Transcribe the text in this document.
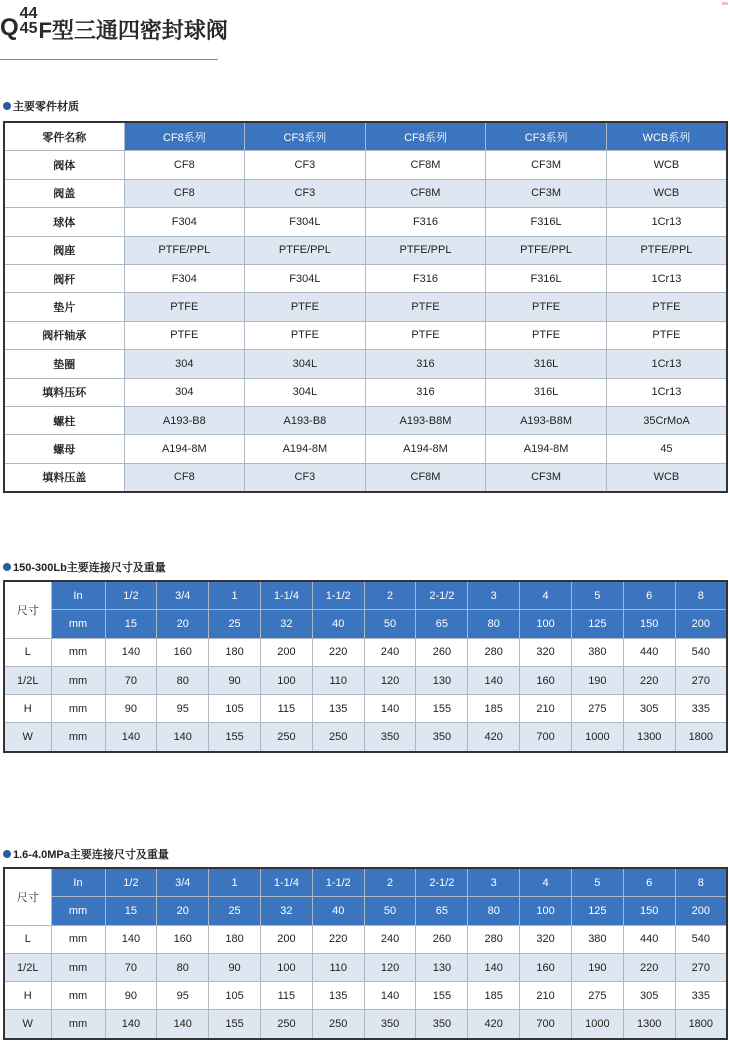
Q
44
45 F型三通四密封球阀
主要零件材质
零件名称	CF8系列	CF3系列	CF8系列	CF3系列	WCB系列
阀体	CF8	CF3	CF8M	CF3M	WCB
阀盖	CF8	CF3	CF8M	CF3M	WCB
球体	F304	F304L	F316	F316L	1Cr13
阀座	PTFE/PPL	PTFE/PPL	PTFE/PPL	PTFE/PPL	PTFE/PPL
阀杆	F304	F304L	F316	F316L	1Cr13
垫片	PTFE	PTFE	PTFE	PTFE	PTFE
阀杆轴承	PTFE	PTFE	PTFE	PTFE	PTFE
垫圈	304	304L	316	316L	1Cr13
填料压环	304	304L	316	316L	1Cr13
螺柱	A193-B8	A193-B8	A193-B8M	A193-B8M	35CrMoA
螺母	A194-8M	A194-8M	A194-8M	A194-8M	45
填料压盖	CF8	CF3	CF8M	CF3M	WCB
150-300Lb主要连接尺寸及重量
尺寸	In	1/2	3/4	1	1-1/4	1-1/2	2	2-1/2	3	4	5	6	8
	mm	15	20	25	32	40	50	65	80	100	125	150	200
L	mm	140	160	180	200	220	240	260	280	320	380	440	540
1/2L	mm	70	80	90	100	110	120	130	140	160	190	220	270
H	mm	90	95	105	115	135	140	155	185	210	275	305	335
W	mm	140	140	155	250	250	350	350	420	700	1000	1300	1800
1.6-4.0MPa主要连接尺寸及重量
尺寸	In	1/2	3/4	1	1-1/4	1-1/2	2	2-1/2	3	4	5	6	8
	mm	15	20	25	32	40	50	65	80	100	125	150	200
L	mm	140	160	180	200	220	240	260	280	320	380	440	540
1/2L	mm	70	80	90	100	110	120	130	140	160	190	220	270
H	mm	90	95	105	115	135	140	155	185	210	275	305	335
W	mm	140	140	155	250	250	350	350	420	700	1000	1300	1800
